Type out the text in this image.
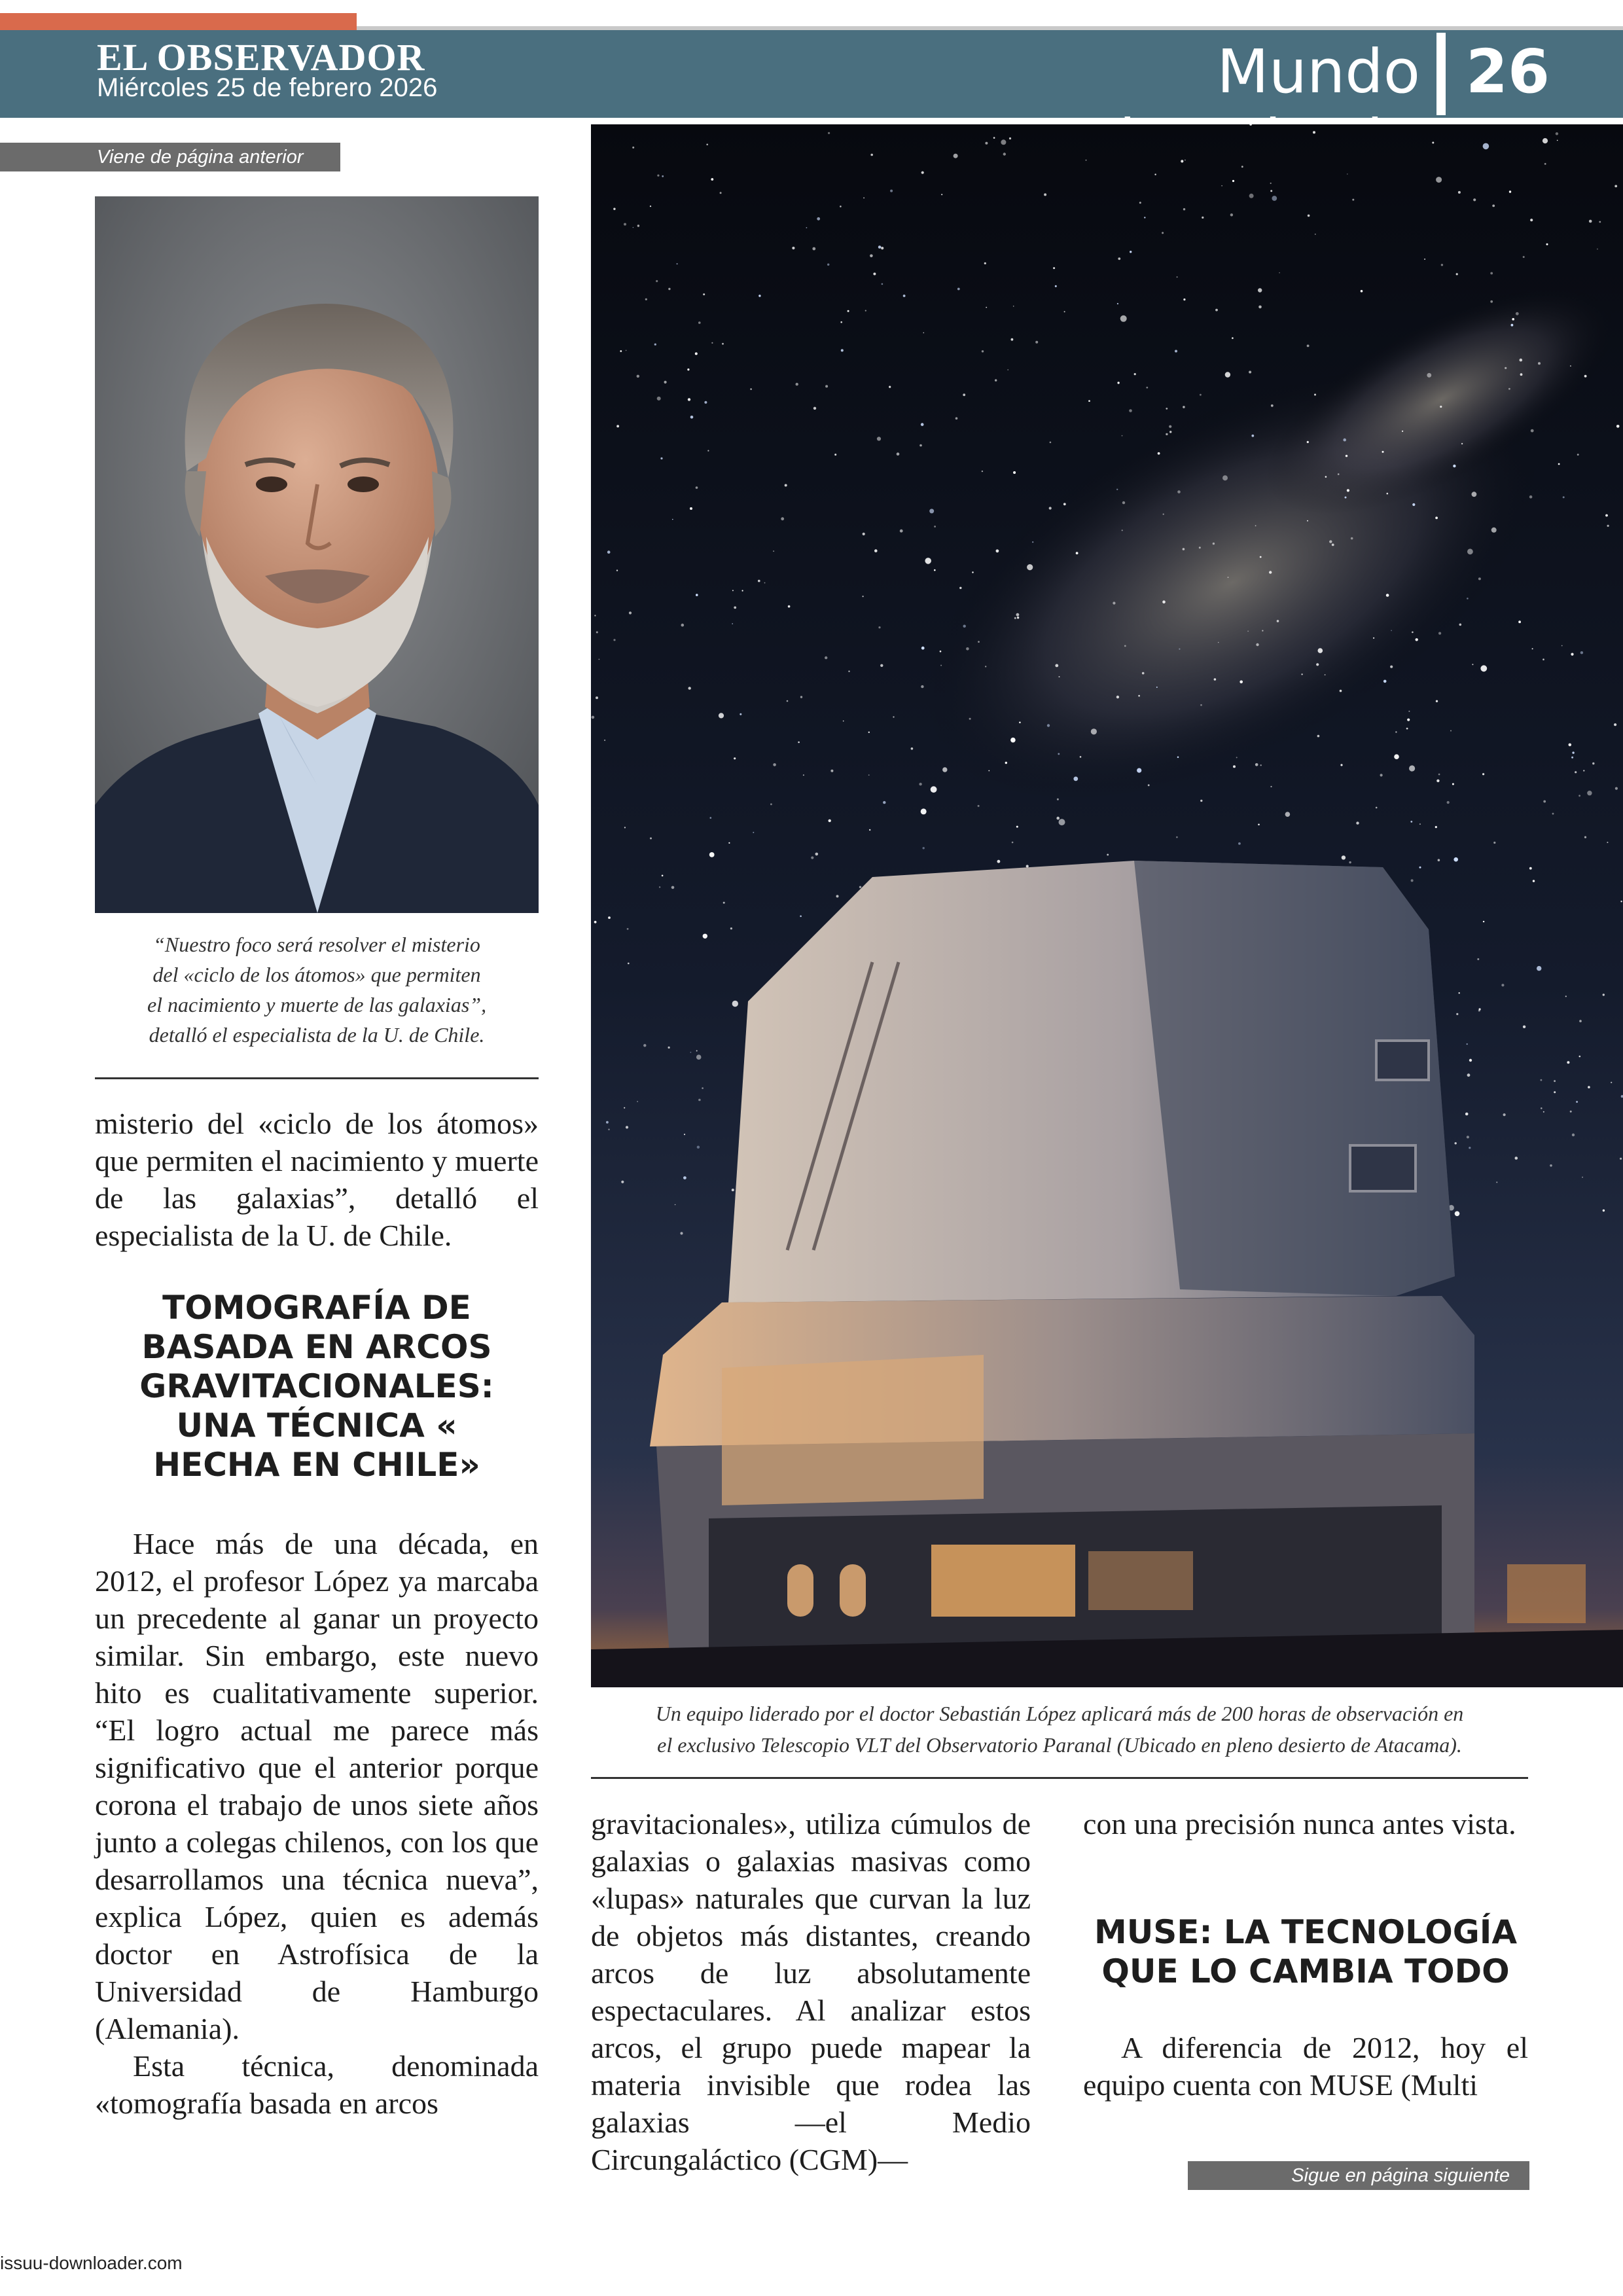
EL OBSERVADOR
Miércoles 25 de febrero 2026	Mundo 26
Viene de página anterior
“Nuestro foco será resolver el misterio
del «ciclo de los átomos» que permiten
el nacimiento y muerte de las galaxias”,
detalló el especialista de la U. de Chile.

misterio del «ciclo de los átomos» que permiten el nacimiento y muerte de las galaxias”, detalló el especialista de la U. de Chile.

TOMOGRAFÍA DE
BASADA EN ARCOS
GRAVITACIONALES:
UNA TÉCNICA «
HECHA EN CHILE»

Hace más de una década, en 2012, el profesor López ya marcaba un precedente al ganar un proyecto similar. Sin embargo, este nuevo hito es cualitativamente superior. “El logro actual me parece más significativo que el anterior porque corona el trabajo de unos siete años junto a colegas chilenos, con los que desarrollamos una técnica nueva”, explica López, quien es además doctor en Astrofísica de la Universidad de Hamburgo (Alemania).

Esta técnica, denominada «tomografía basada en arcos

Un equipo liderado por el doctor Sebastián López aplicará más de 200 horas de observación en
el exclusivo Telescopio VLT del Observatorio Paranal (Ubicado en pleno desierto de Atacama).

gravitacionales», utiliza cúmulos de galaxias o galaxias masivas como «lupas» naturales que curvan la luz de objetos más distantes, creando arcos de luz absolutamente espectaculares. Al analizar estos arcos, el grupo puede mapear la materia invisible que rodea las galaxias —el Medio Circungaláctico (CGM)—

con una precisión nunca antes vista.

MUSE: LA TECNOLOGÍA
QUE LO CAMBIA TODO

A diferencia de 2012, hoy el equipo cuenta con MUSE (Multi

Sigue en página siguiente
issuu-downloader.com
